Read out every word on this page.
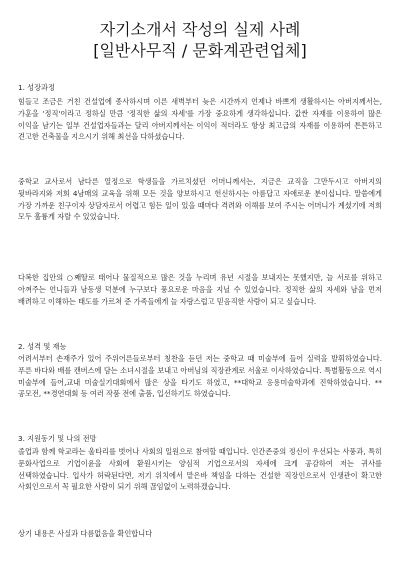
자기소개서 작성의 실제 사례
[일반사무직 / 문화계관련업체]
1. 성장과정
힘들고 조금은 거친 건설업에 종사하시며 이른 새벽부터 늦은 시간까지 언제나 바쁘게 생활하시는 아버지께서는, 가훈을 '정직'이라고 정하실 만큼 '정직한 삶의 자세'를 가장 중요하게 생각하십니다. 값싼 자재를 이용하여 많은 이익을 남기는 일부 건설업자들과는 달리 아버지께서는 이익이 적더라도 항상 최고급의 자재를 이용하여 튼튼하고 견고한 건축물을 지으시기 위해 최선을 다하셨습니다.
중학교 교사로서 남다른 열정으로 학생들을 가르치셨던 어머니께서는, 지금은 교직을 그만두시고 아버지의 뒷바라지와 저희 4남매의 교육을 위해 모든 것을 양보하시고 헌신하시는 아름답고 자애로운 분이십니다. 말씀에게 가장 가까운 친구이자 상담자로서 어렵고 힘든 일이 있을 때마다 격려와 이해를 보여 주시는 어머니가 계셨기에 저희 모두 훌륭게 자랄 수 있었습니다.
다복한 집안의 ○째딸로 태어나 물질적으로 많은 것을 누리며 유년 시절을 보내지는 못했지만, 늘 서로를 위하고 아껴주는 언니들과 남동생 덕분에 누구보다 풍요로운 마음을 지닐 수 있었습니다. 정직한 삶의 자세와 남을 먼저 배려하고 이해하는 태도를 가르쳐 준 가족들에게 늘 자랑스럽고 믿음직한 사람이 되고 싶습니다.
2. 성격 및 재능
어려서부터 손재주가 있어 주위어른들로부터 칭찬을 듣던 저는 중학교 때 미술부에 들어 실력을 발휘하였습니다. 푸른 바다와 배를 캔버스에 담는 소녀시절을 보내고 아버님의 직장관계로 서울로 이사하였습니다. 특별활동으로 역시 미술부에 들어,교내 미술실기대회에서 많은 상을 타기도 하였고, **대학교 응용미술학과에 진학하였습니다. **공모전, **경연대회 등 여러 작품 전에 출품, 입선하기도 하였습니다.
3. 지원동기 및 나의 전망
졸업과 함께 학교라는 울타리를 벗어나 사회의 일원으로 참여할 때입니다. 인간존중의 정신이 우선되는 사풍과, 특히 문화사업으로 기업이윤을 사회에 환원시키는 양심적 기업으로서의 자세에 크게 공감하여 저는 귀사를 선택하였습니다. 입사가 허락된다면, 저기 위치에서 맡은바 책임을 다하는 건설한 직장인으로서 인생관이 확고한 사회인으로서 꼭 필요한 사람이 되기 위해 끊임없이 노력하겠습니다.
상기 내용은 사실과 다름없음을 확인합니다
